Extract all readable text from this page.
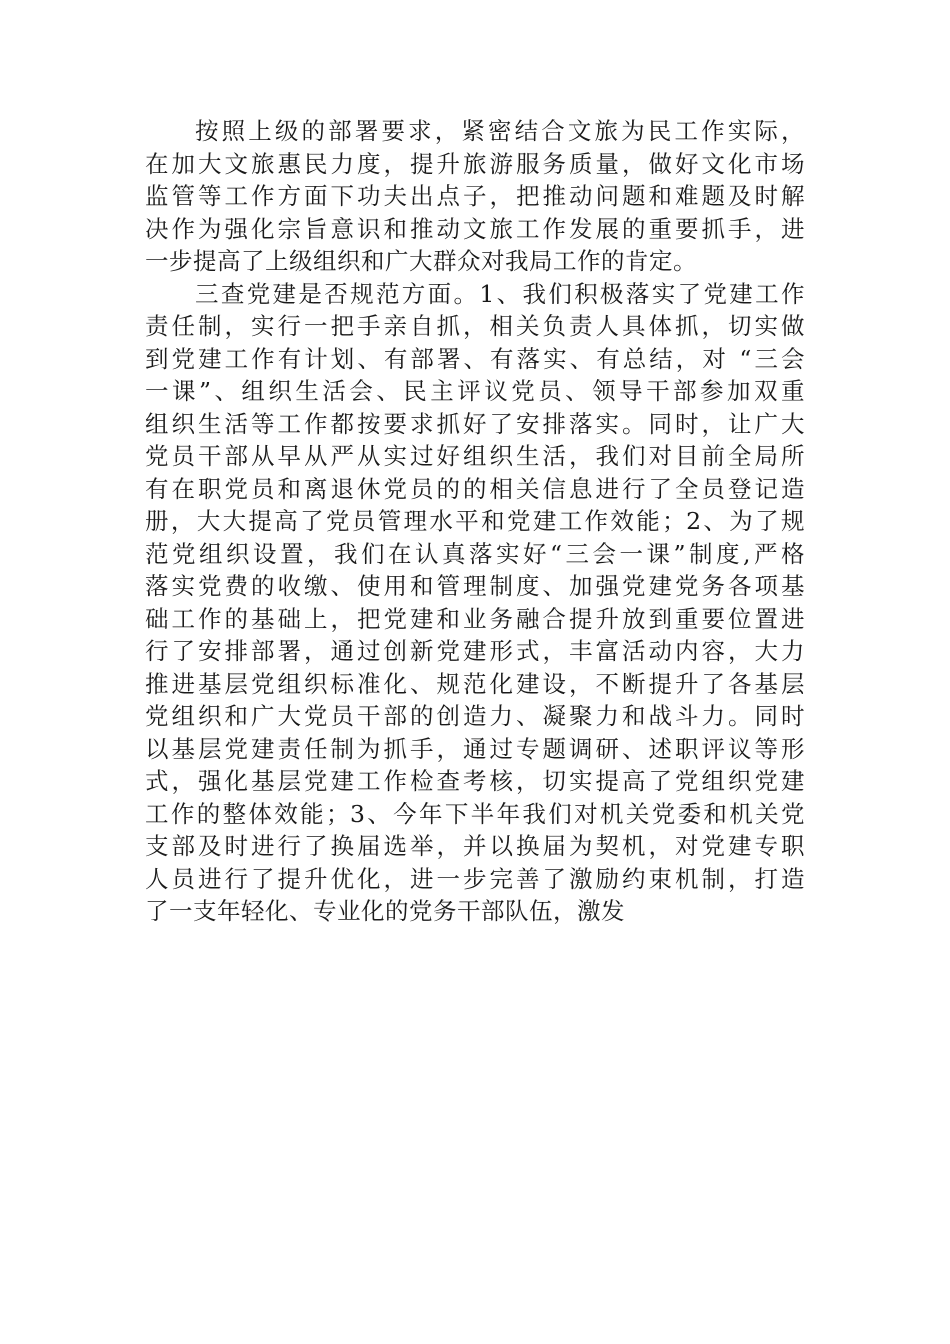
按照上级的部署要求，紧密结合文旅为民工作实际，
在加大文旅惠民力度，提升旅游服务质量，做好文化市场
监管等工作方面下功夫出点子，把推动问题和难题及时解
决作为强化宗旨意识和推动文旅工作发展的重要抓手，进
一步提高了上级组织和广大群众对我局工作的肯定。
三查党建是否规范方面。1、我们积极落实了党建工作
责任制，实行一把手亲自抓，相关负责人具体抓，切实做
到党建工作有计划、有部署、有落实、有总结，对 “三会
一课”、组织生活会、民主评议党员、领导干部参加双重
组织生活等工作都按要求抓好了安排落实。同时，让广大
党员干部从早从严从实过好组织生活，我们对目前全局所
有在职党员和离退休党员的的相关信息进行了全员登记造
册，大大提高了党员管理水平和党建工作效能；2、为了规
范党组织设置，我们在认真落实好“三会一课”制度,严格
落实党费的收缴、使用和管理制度、加强党建党务各项基
础工作的基础上，把党建和业务融合提升放到重要位置进
行了安排部署，通过创新党建形式，丰富活动内容，大力
推进基层党组织标准化、规范化建设，不断提升了各基层
党组织和广大党员干部的创造力、凝聚力和战斗力。同时
以基层党建责任制为抓手，通过专题调研、述职评议等形
式，强化基层党建工作检查考核，切实提高了党组织党建
工作的整体效能；3、今年下半年我们对机关党委和机关党
支部及时进行了换届选举，并以换届为契机，对党建专职
人员进行了提升优化，进一步完善了激励约束机制，打造
了一支年轻化、专业化的党务干部队伍，激发
